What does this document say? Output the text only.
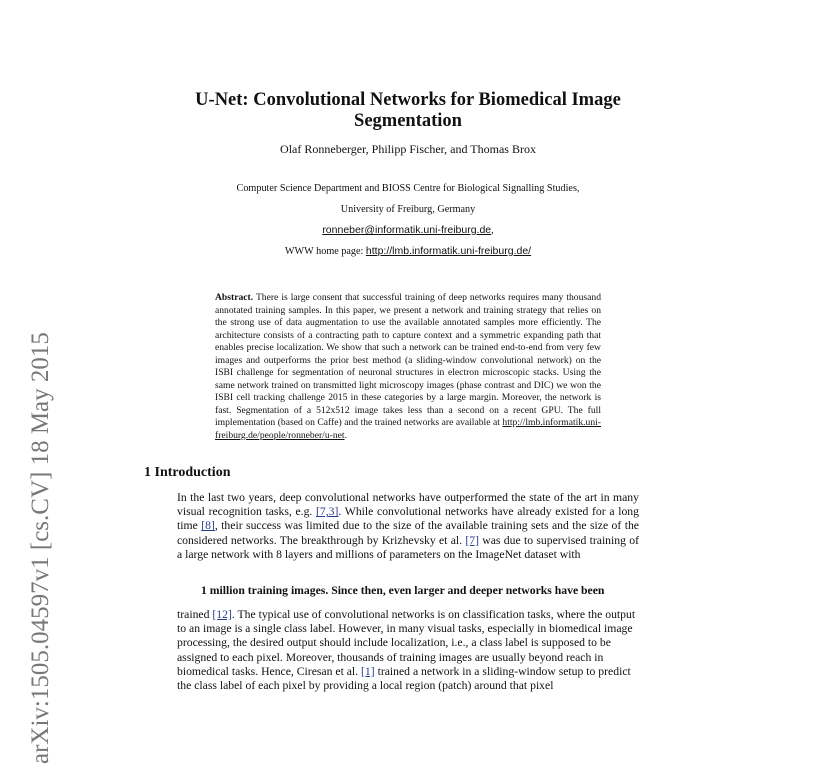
arXiv:1505.04597v1 [cs.CV] 18 May 2015
U-Net: Convolutional Networks for Biomedical Image Segmentation
Olaf Ronneberger, Philipp Fischer, and Thomas Brox
Computer Science Department and BIOSS Centre for Biological Signalling Studies,
University of Freiburg, Germany
ronneber@informatik.uni-freiburg.de,
WWW home page: http://lmb.informatik.uni-freiburg.de/
Abstract. There is large consent that successful training of deep networks requires many thousand annotated training samples. In this paper, we present a network and training strategy that relies on the strong use of data augmentation to use the available annotated samples more efficiently. The architecture consists of a contracting path to capture context and a symmetric expanding path that enables precise localization. We show that such a network can be trained end-to-end from very few images and outperforms the prior best method (a sliding-window convolutional network) on the ISBI challenge for segmentation of neuronal structures in electron microscopic stacks. Using the same network trained on transmitted light microscopy images (phase contrast and DIC) we won the ISBI cell tracking challenge 2015 in these categories by a large margin. Moreover, the network is fast. Segmentation of a 512x512 image takes less than a second on a recent GPU. The full implementation (based on Caffe) and the trained networks are available at http://lmb.informatik.uni-freiburg.de/people/ronneber/u-net.
1 Introduction
In the last two years, deep convolutional networks have outperformed the state of the art in many visual recognition tasks, e.g. [7,3]. While convolutional networks have already existed for a long time [8], their success was limited due to the size of the available training sets and the size of the considered networks. The breakthrough by Krizhevsky et al. [7] was due to supervised training of a large network with 8 layers and millions of parameters on the ImageNet dataset with
1 million training images. Since then, even larger and deeper networks have been
trained [12]. The typical use of convolutional networks is on classification tasks, where the output to an image is a single class label. However, in many visual tasks, especially in biomedical image processing, the desired output should include localization, i.e., a class label is supposed to be assigned to each pixel. Moreover, thousands of training images are usually beyond reach in biomedical tasks. Hence, Ciresan et al. [1] trained a network in a sliding-window setup to predict the class label of each pixel by providing a local region (patch) around that pixel
